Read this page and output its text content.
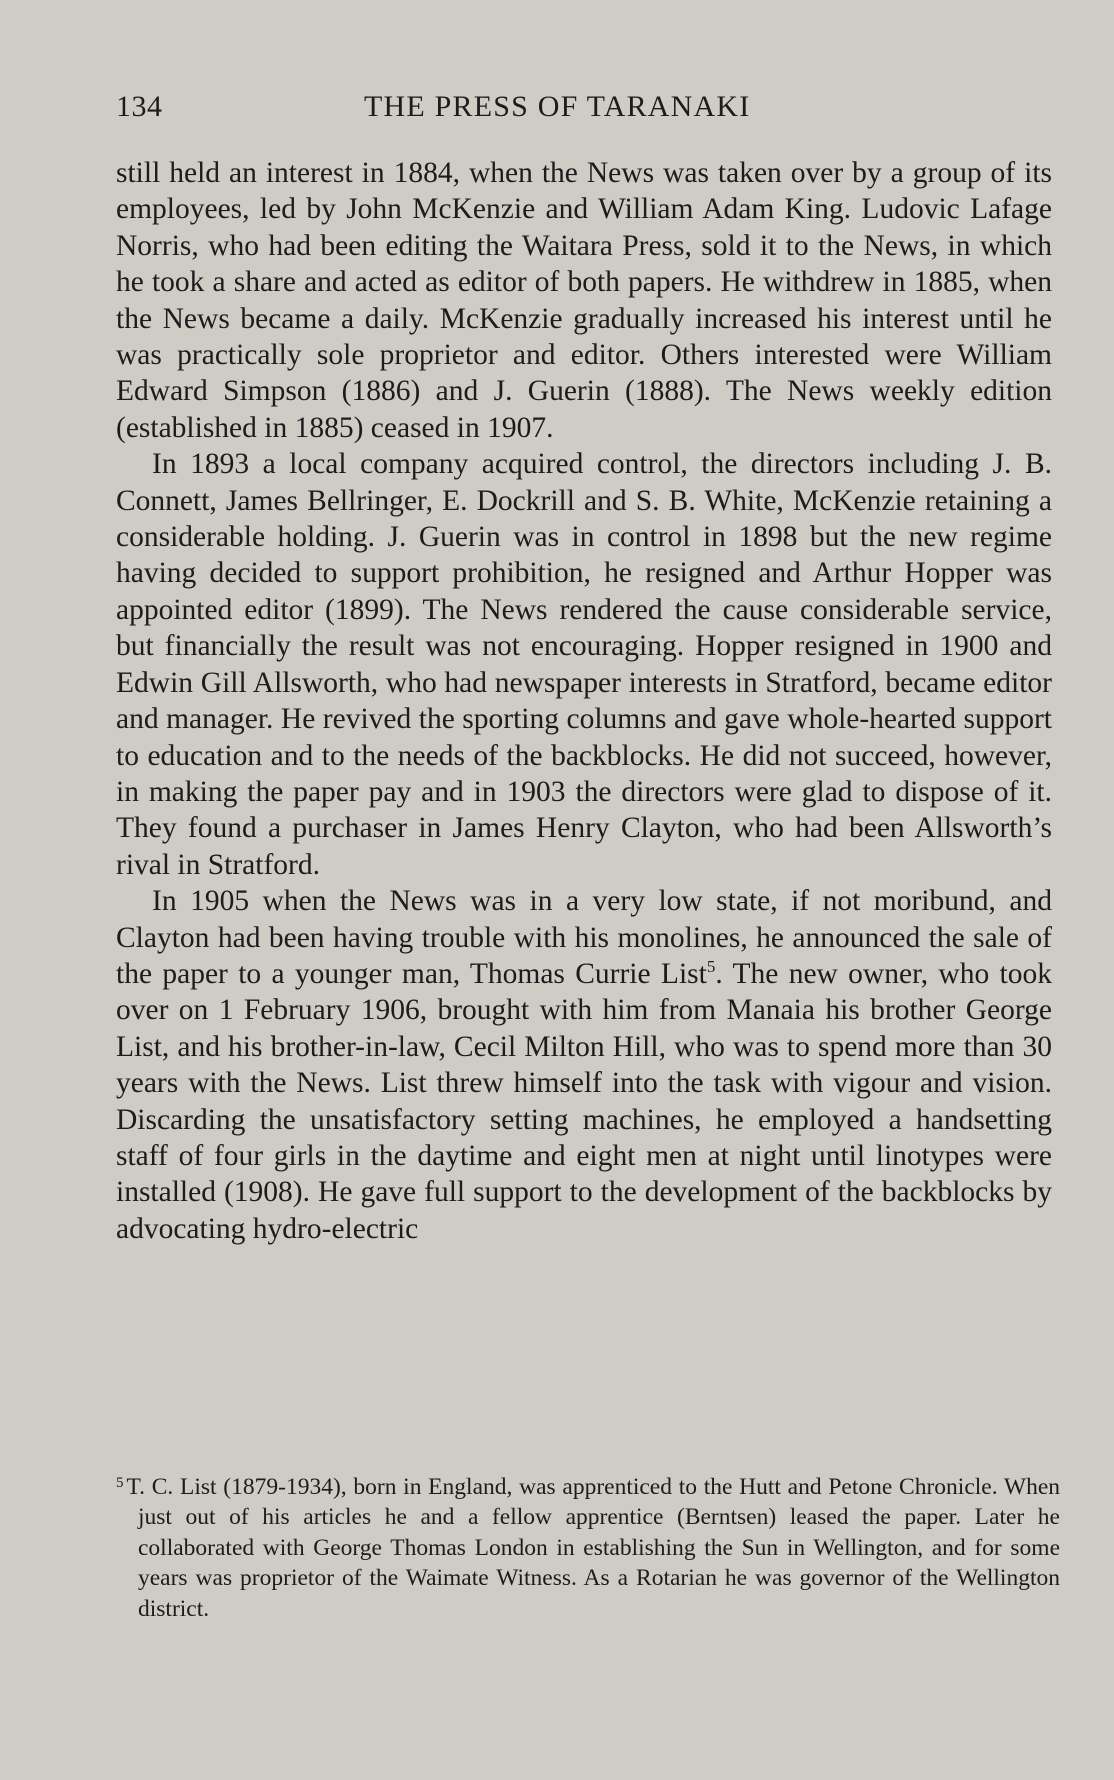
134	THE PRESS OF TARANAKI

still held an interest in 1884, when the News was taken over by a group of its employees, led by John McKenzie and William Adam King. Ludovic Lafage Norris, who had been editing the Waitara Press, sold it to the News, in which he took a share and acted as editor of both papers. He withdrew in 1885, when the News became a daily. McKenzie gradually increased his interest until he was practically sole proprietor and editor. Others interested were William Edward Simpson (1886) and J. Guerin (1888). The News weekly edition (established in 1885) ceased in 1907.

In 1893 a local company acquired control, the directors including J. B. Connett, James Bellringer, E. Dockrill and S. B. White, McKenzie retaining a considerable holding. J. Guerin was in control in 1898 but the new regime having decided to support prohibition, he resigned and Arthur Hopper was appointed editor (1899). The News rendered the cause considerable service, but financially the result was not encouraging. Hopper resigned in 1900 and Edwin Gill Allsworth, who had newspaper interests in Stratford, became editor and manager. He revived the sporting columns and gave whole-hearted support to education and to the needs of the backblocks. He did not succeed, however, in making the paper pay and in 1903 the directors were glad to dispose of it. They found a purchaser in James Henry Clayton, who had been Allsworth’s rival in Stratford.

In 1905 when the News was in a very low state, if not moribund, and Clayton had been having trouble with his monolines, he announced the sale of the paper to a younger man, Thomas Currie List$^5$. The new owner, who took over on 1 February 1906, brought with him from Manaia his brother George List, and his brother-in-law, Cecil Milton Hill, who was to spend more than 30 years with the News. List threw himself into the task with vigour and vision. Discarding the unsatisfactory setting machines, he employed a handsetting staff of four girls in the daytime and eight men at night until linotypes were installed (1908). He gave full support to the development of the backblocks by advocating hydro-electric

$^5$ T. C. List (1879-1934), born in England, was apprenticed to the Hutt and Petone Chronicle. When just out of his articles he and a fellow apprentice (Berntsen) leased the paper. Later he collaborated with George Thomas London in establishing the Sun in Wellington, and for some years was proprietor of the Waimate Witness. As a Rotarian he was governor of the Wellington district.
